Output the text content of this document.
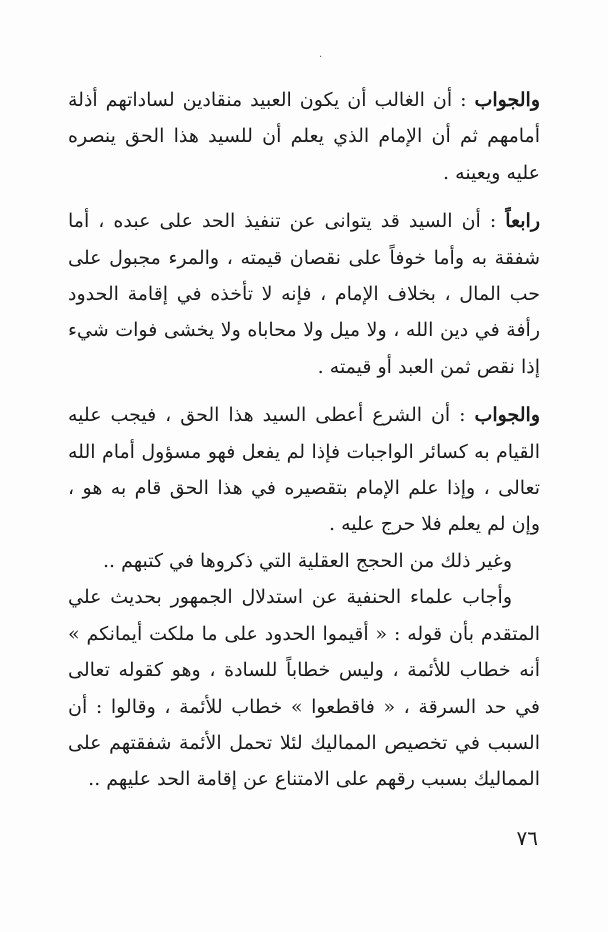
·

والجواب : أن الغالب أن يكون العبيد منقادين لساداتهم أذلة أمامهم ثم أن الإمام الذي يعلم أن للسيد هذا الحق ينصره عليه ويعينه .

رابعاً : أن السيد قد يتوانى عن تنفيذ الحد على عبده ، أما شفقة به وأما خوفاً على نقصان قيمته ، والمرء مجبول على حب المال ، بخلاف الإمام ، فإنه لا تأخذه في إقامة الحدود رأفة في دين الله ، ولا ميل ولا محاباه ولا يخشى فوات شيء إذا نقص ثمن العبد أو قيمته .

والجواب : أن الشرع أعطى السيد هذا الحق ، فيجب عليه القيام به كسائر الواجبات فإذا لم يفعل فهو مسؤول أمام الله تعالى ، وإذا علم الإمام بتقصيره في هذا الحق قام به هو ، وإن لم يعلم فلا حرج عليه .

وغير ذلك من الحجج العقلية التي ذكروها في كتبهم ..

وأجاب علماء الحنفية عن استدلال الجمهور بحديث علي المتقدم بأن قوله : « أقيموا الحدود على ما ملكت أيمانكم » أنه خطاب للأئمة ، وليس خطاباً للسادة ، وهو كقوله تعالى في حد السرقة ، « فاقطعوا » خطاب للأئمة ، وقالوا : أن السبب في تخصيص المماليك لئلا تحمل الأئمة شفقتهم على المماليك بسبب رقهم على الامتناع عن إقامة الحد عليهم ..

٧٦
